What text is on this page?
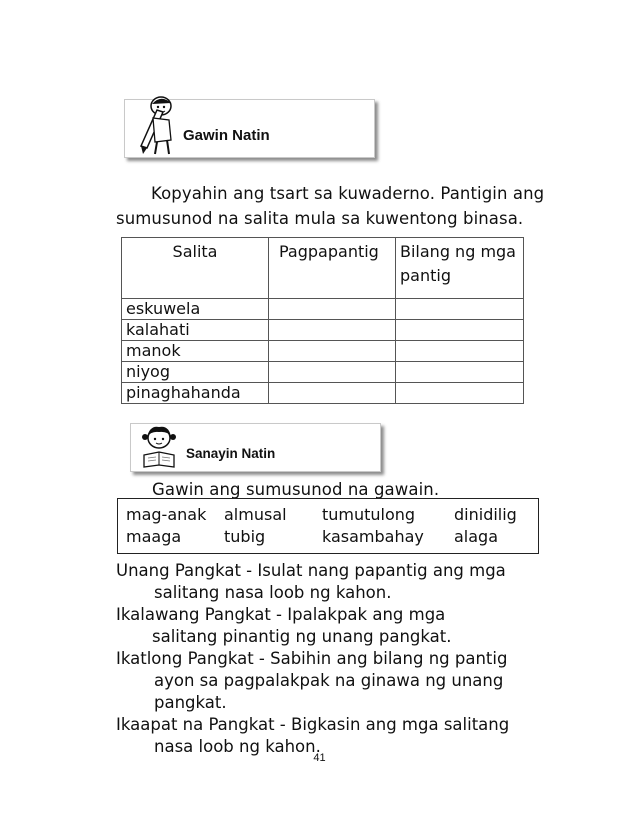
Gawin Natin
Kopyahin ang tsart sa kuwaderno. Pantigin ang
sumusunod na salita mula sa kuwentong binasa.
Salita	Pagpapantig	Bilang ng mga
pantig
eskuwela		
kalahati		
manok		
niyog		
pinaghahanda		
Sanayin Natin
Gawin ang sumusunod na gawain.
mag-anak almusal tumutulong dinidilig
maaga	tubig	kasambahay alaga
Unang Pangkat - Isulat nang papantig ang mga
salitang nasa loob ng kahon.
Ikalawang Pangkat - Ipalakpak ang mga
salitang pinantig ng unang pangkat.
Ikatlong Pangkat - Sabihin ang bilang ng pantig
ayon sa pagpalakpak na ginawa ng unang
pangkat.
Ikaapat na Pangkat - Bigkasin ang mga salitang
nasa loob ng kahon.
41
